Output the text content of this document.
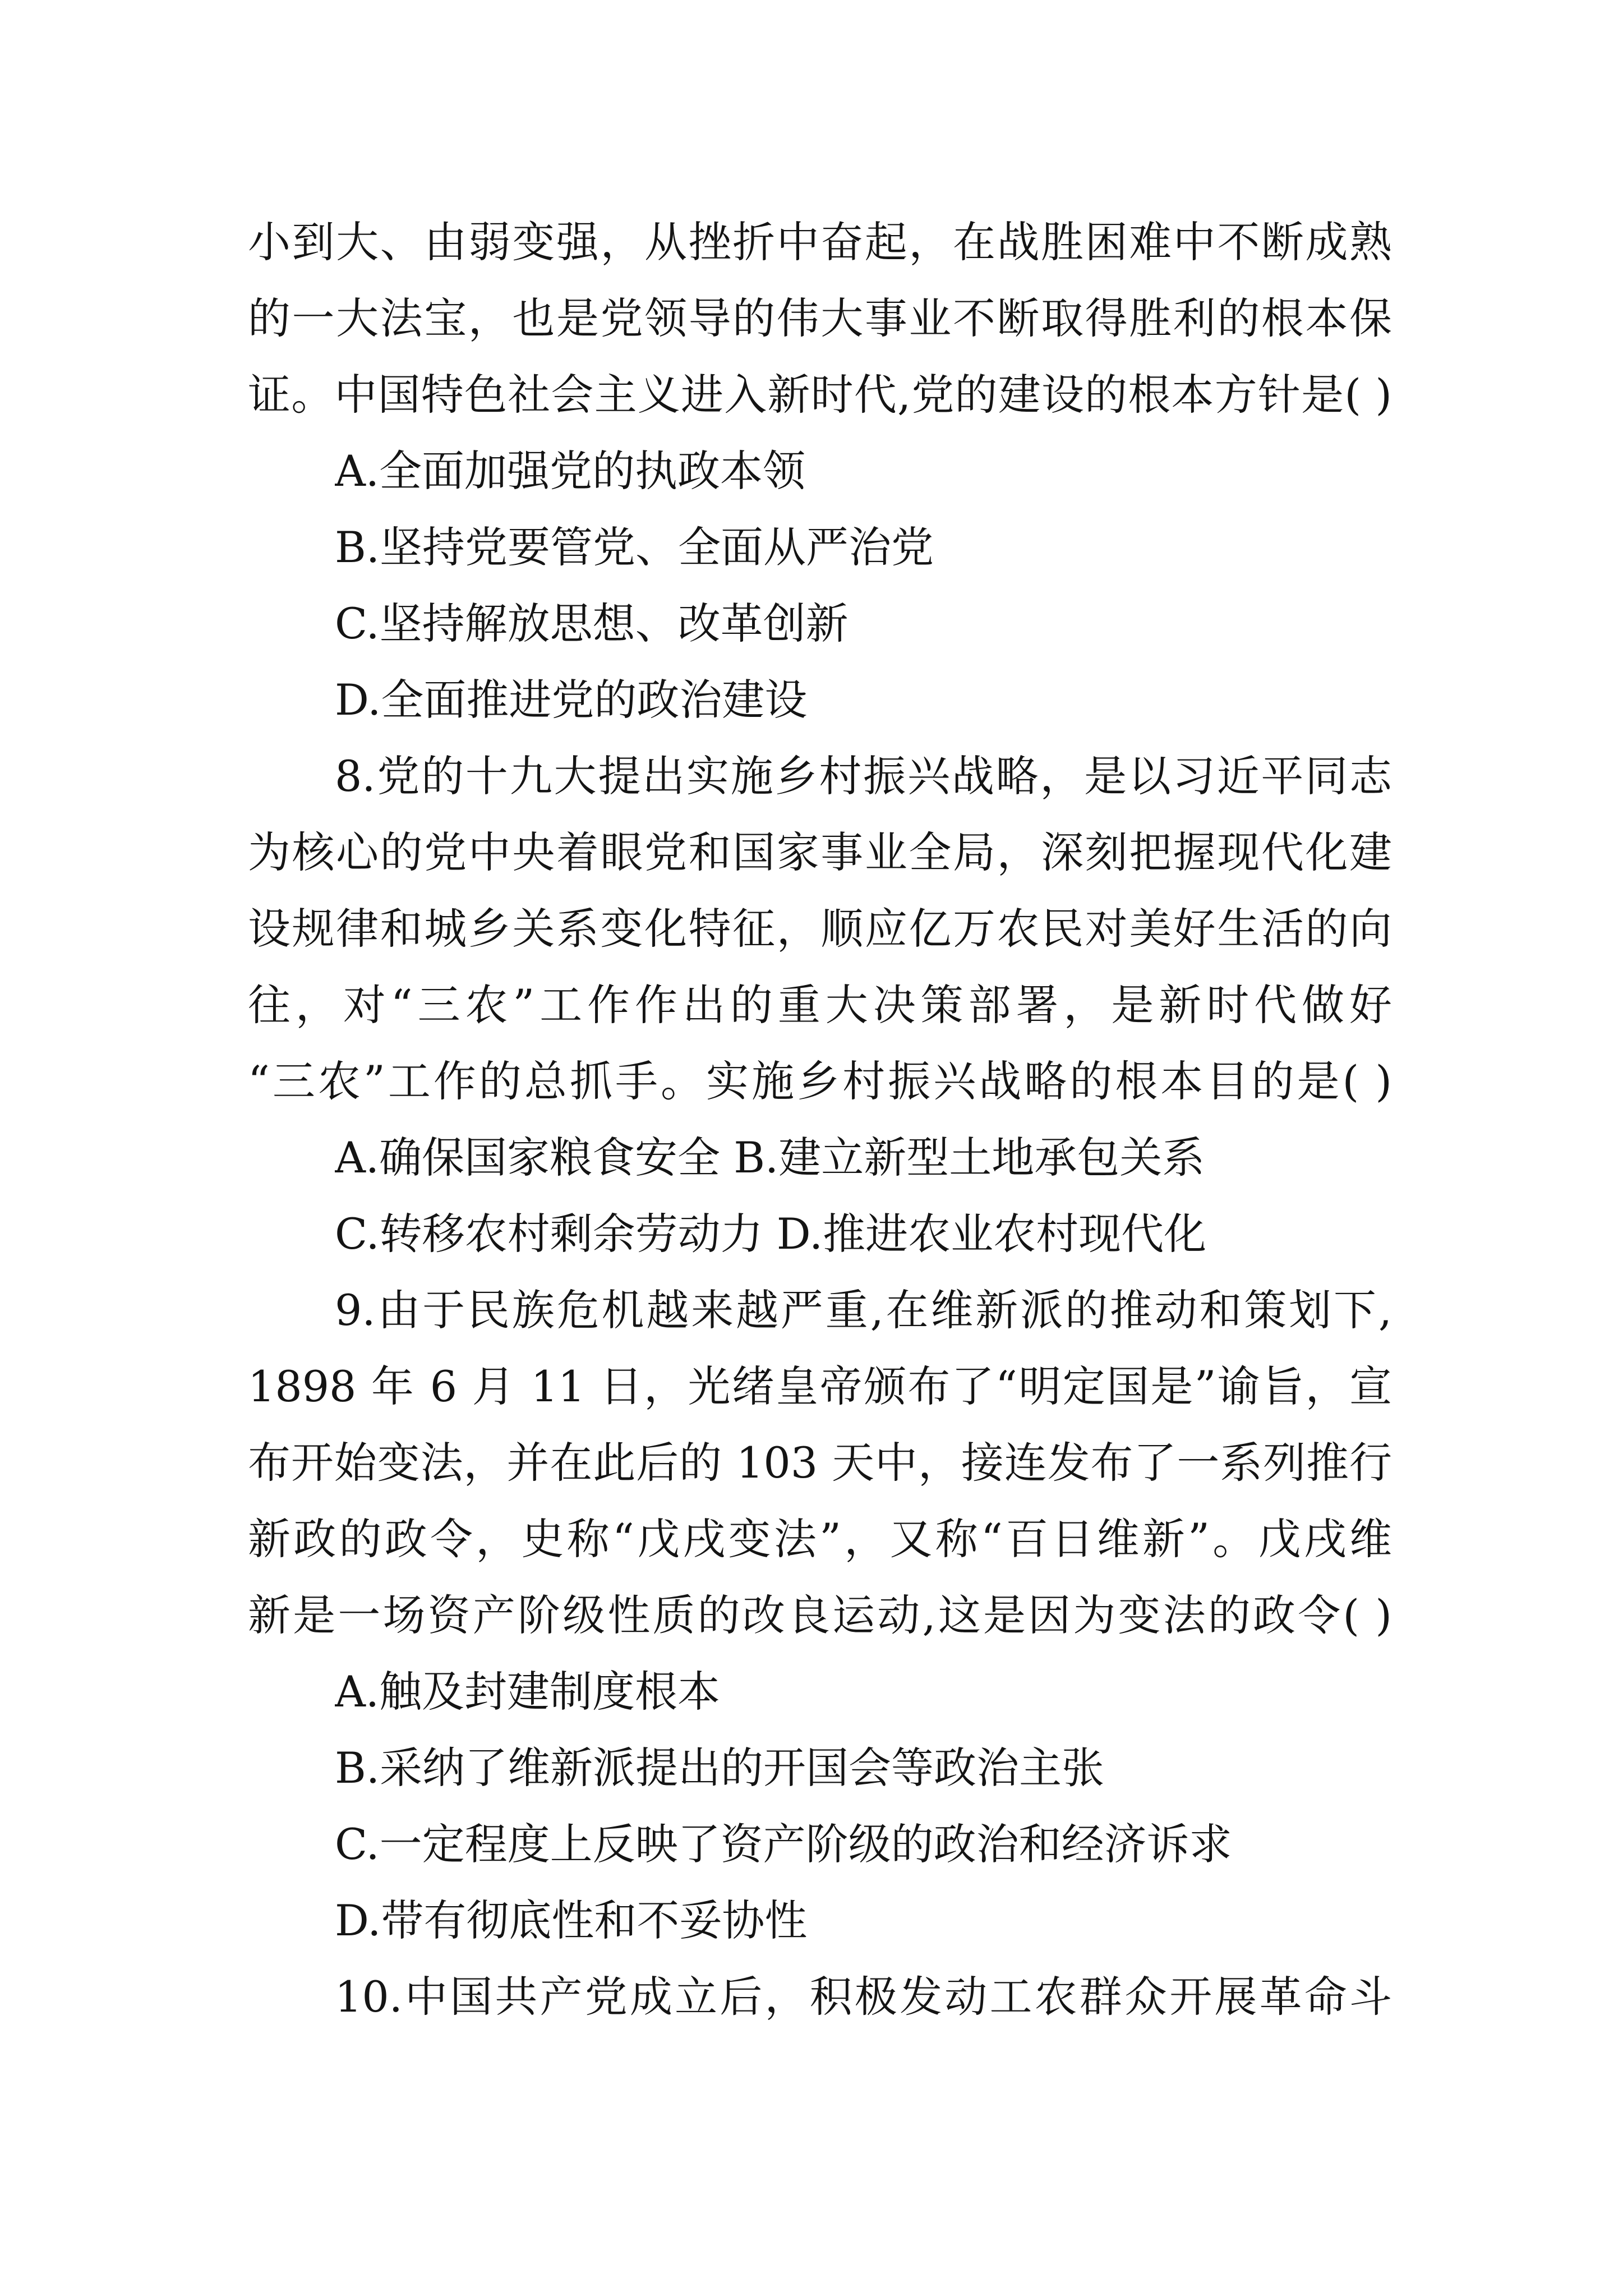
小到大、由弱变强，从挫折中奋起，在战胜困难中不断成熟
的一大法宝，也是党领导的伟大事业不断取得胜利的根本保
证。中国特色社会主义进入新时代,党的建设的根本方针是( )
A.全面加强党的执政本领
B.坚持党要管党、全面从严治党
C.坚持解放思想、改革创新
D.全面推进党的政治建设
8.党的十九大提出实施乡村振兴战略，是以习近平同志
为核心的党中央着眼党和国家事业全局，深刻把握现代化建
设规律和城乡关系变化特征，顺应亿万农民对美好生活的向
往，对“三农”工作作出的重大决策部署，是新时代做好
“三农”工作的总抓手。实施乡村振兴战略的根本目的是( )
A.确保国家粮食安全 B.建立新型土地承包关系
C.转移农村剩余劳动力 D.推进农业农村现代化
9.由于民族危机越来越严重,在维新派的推动和策划下,
1898 年 6 月 11 日，光绪皇帝颁布了“明定国是”谕旨，宣
布开始变法，并在此后的 103 天中，接连发布了一系列推行
新政的政令，史称“戊戌变法”，又称“百日维新”。戊戌维
新是一场资产阶级性质的改良运动,这是因为变法的政令( )
A.触及封建制度根本
B.采纳了维新派提出的开国会等政治主张
C.一定程度上反映了资产阶级的政治和经济诉求
D.带有彻底性和不妥协性
10.中国共产党成立后，积极发动工农群众开展革命斗
